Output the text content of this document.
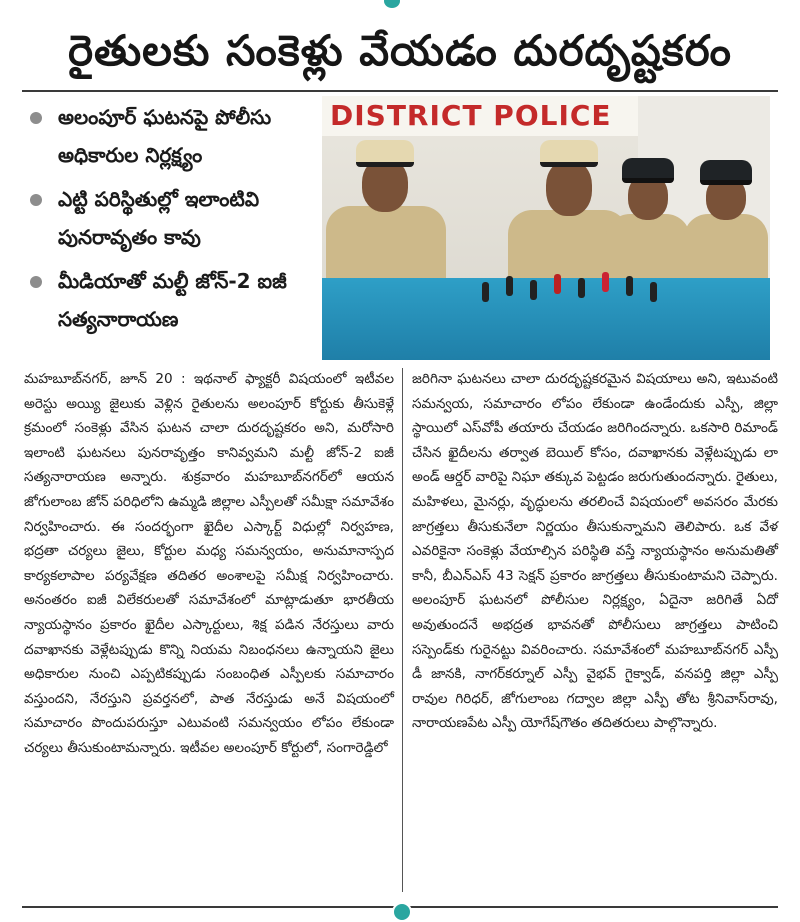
రైతులకు సంకెళ్లు వేయడం దురదృష్టకరం
అలంపూర్ ఘటనపై పోలీసు అధికారుల నిర్లక్ష్యం
ఎట్టి పరిస్థితుల్లో ఇలాంటివి పునరావృతం కావు
మీడియాతో మల్టీ జోన్-2 ఐజీ సత్యనారాయణ
DISTRICT POLICE

మహబూబ్‌నగర్, జూన్ 20 : ఇథనాల్ ఫ్యాక్టరీ విషయంలో ఇటీవల అరెస్టు అయ్యి జైలుకు వెళ్లిన రైతులను అలంపూర్ కోర్టుకు తీసుకెళ్లే క్రమంలో సంకెళ్లు వేసిన ఘటన చాలా దురదృష్టకరం అని, మరోసారి ఇలాంటి ఘటనలు పునరావృత్తం కానివ్వమని మల్టీ జోన్-2 ఐజీ సత్యనారాయణ అన్నారు. శుక్రవారం మహబూబ్‌నగర్‌లో ఆయన జోగులాంబ జోన్ పరిధిలోని ఉమ్మడి జిల్లాల ఎస్పీలతో సమీక్షా సమావేశం నిర్వహించారు. ఈ సందర్భంగా ఖైదీల ఎస్కార్ట్ విధుల్లో నిర్వహణ, భద్రతా చర్యలు జైలు, కోర్టుల మధ్య సమన్వయం, అనుమానాస్పద కార్యకలాపాల పర్యవేక్షణ తదితర అంశాలపై సమీక్ష నిర్వహించారు. అనంతరం ఐజీ విలేకరులతో సమావేశంలో మాట్లాడుతూ భారతీయ న్యాయస్థానం ప్రకారం ఖైదీల ఎస్కార్టులు, శిక్ష పడిన నేరస్తులు వారు దవాఖానకు వెళ్లేటప్పుడు కొన్ని నియమ నిబంధనలు ఉన్నాయని జైలు అధికారుల నుంచి ఎప్పటికప్పుడు సంబంధిత ఎస్పీలకు సమాచారం వస్తుందని, నేరస్తుని ప్రవర్తనలో, పాత నేరస్తుడు అనే విషయంలో సమాచారం పొందుపరుస్తూ ఎటువంటి సమన్వయం లోపం లేకుండా చర్యలు తీసుకుంటామన్నారు. ఇటీవల అలంపూర్ కోర్టులో, సంగారెడ్డిలో

జరిగినా ఘటనలు చాలా దురదృష్టకరమైన విషయాలు అని, ఇటువంటి సమన్వయ, సమాచారం లోపం లేకుండా ఉండేందుకు ఎస్పీ, జిల్లా స్థాయిలో ఎస్‌వోపీ తయారు చేయడం జరిగిందన్నారు. ఒకసారి రిమాండ్ చేసిన ఖైదీలను తర్వాత బెయిల్ కోసం, దవాఖానకు వెళ్లేటప్పుడు లా అండ్ ఆర్డర్ వారిపై నిఘా తక్కువ పెట్టడం జరుగుతుందన్నారు. రైతులు, మహిళలు, మైనర్లు, వృద్ధులను తరలించే విషయంలో అవసరం మేరకు జాగ్రత్తలు తీసుకునేలా నిర్ణయం తీసుకున్నామని తెలిపారు. ఒక వేళ ఎవరికైనా సంకెళ్లు వేయాల్సిన పరిస్థితి వస్తే న్యాయస్థానం అనుమతితో కానీ, బీఎన్ఎస్ 43 సెక్షన్ ప్రకారం జాగ్రత్తలు తీసుకుంటామని చెప్పారు. అలంపూర్ ఘటనలో పోలీసుల నిర్లక్ష్యం, ఏదైనా జరిగితే ఏదో అవుతుందనే అభద్రత భావనతో పోలీసులు జాగ్రత్తలు పాటించి సస్పెండ్‌కు గురైనట్టు వివరించారు. సమావేశంలో మహబూబ్‌నగర్ ఎస్పీ డీ జానకి, నాగర్‌కర్నూల్ ఎస్పీ వైభవ్ గైక్వాడ్, వనపర్తి జిల్లా ఎస్పీ రావుల గిరిధర్, జోగులాంబ గద్వాల జిల్లా ఎస్పీ తోట శ్రీనివాస్‌రావు, నారాయణపేట ఎస్పీ యోగేష్‌గౌతం తదితరులు పాల్గొన్నారు.
